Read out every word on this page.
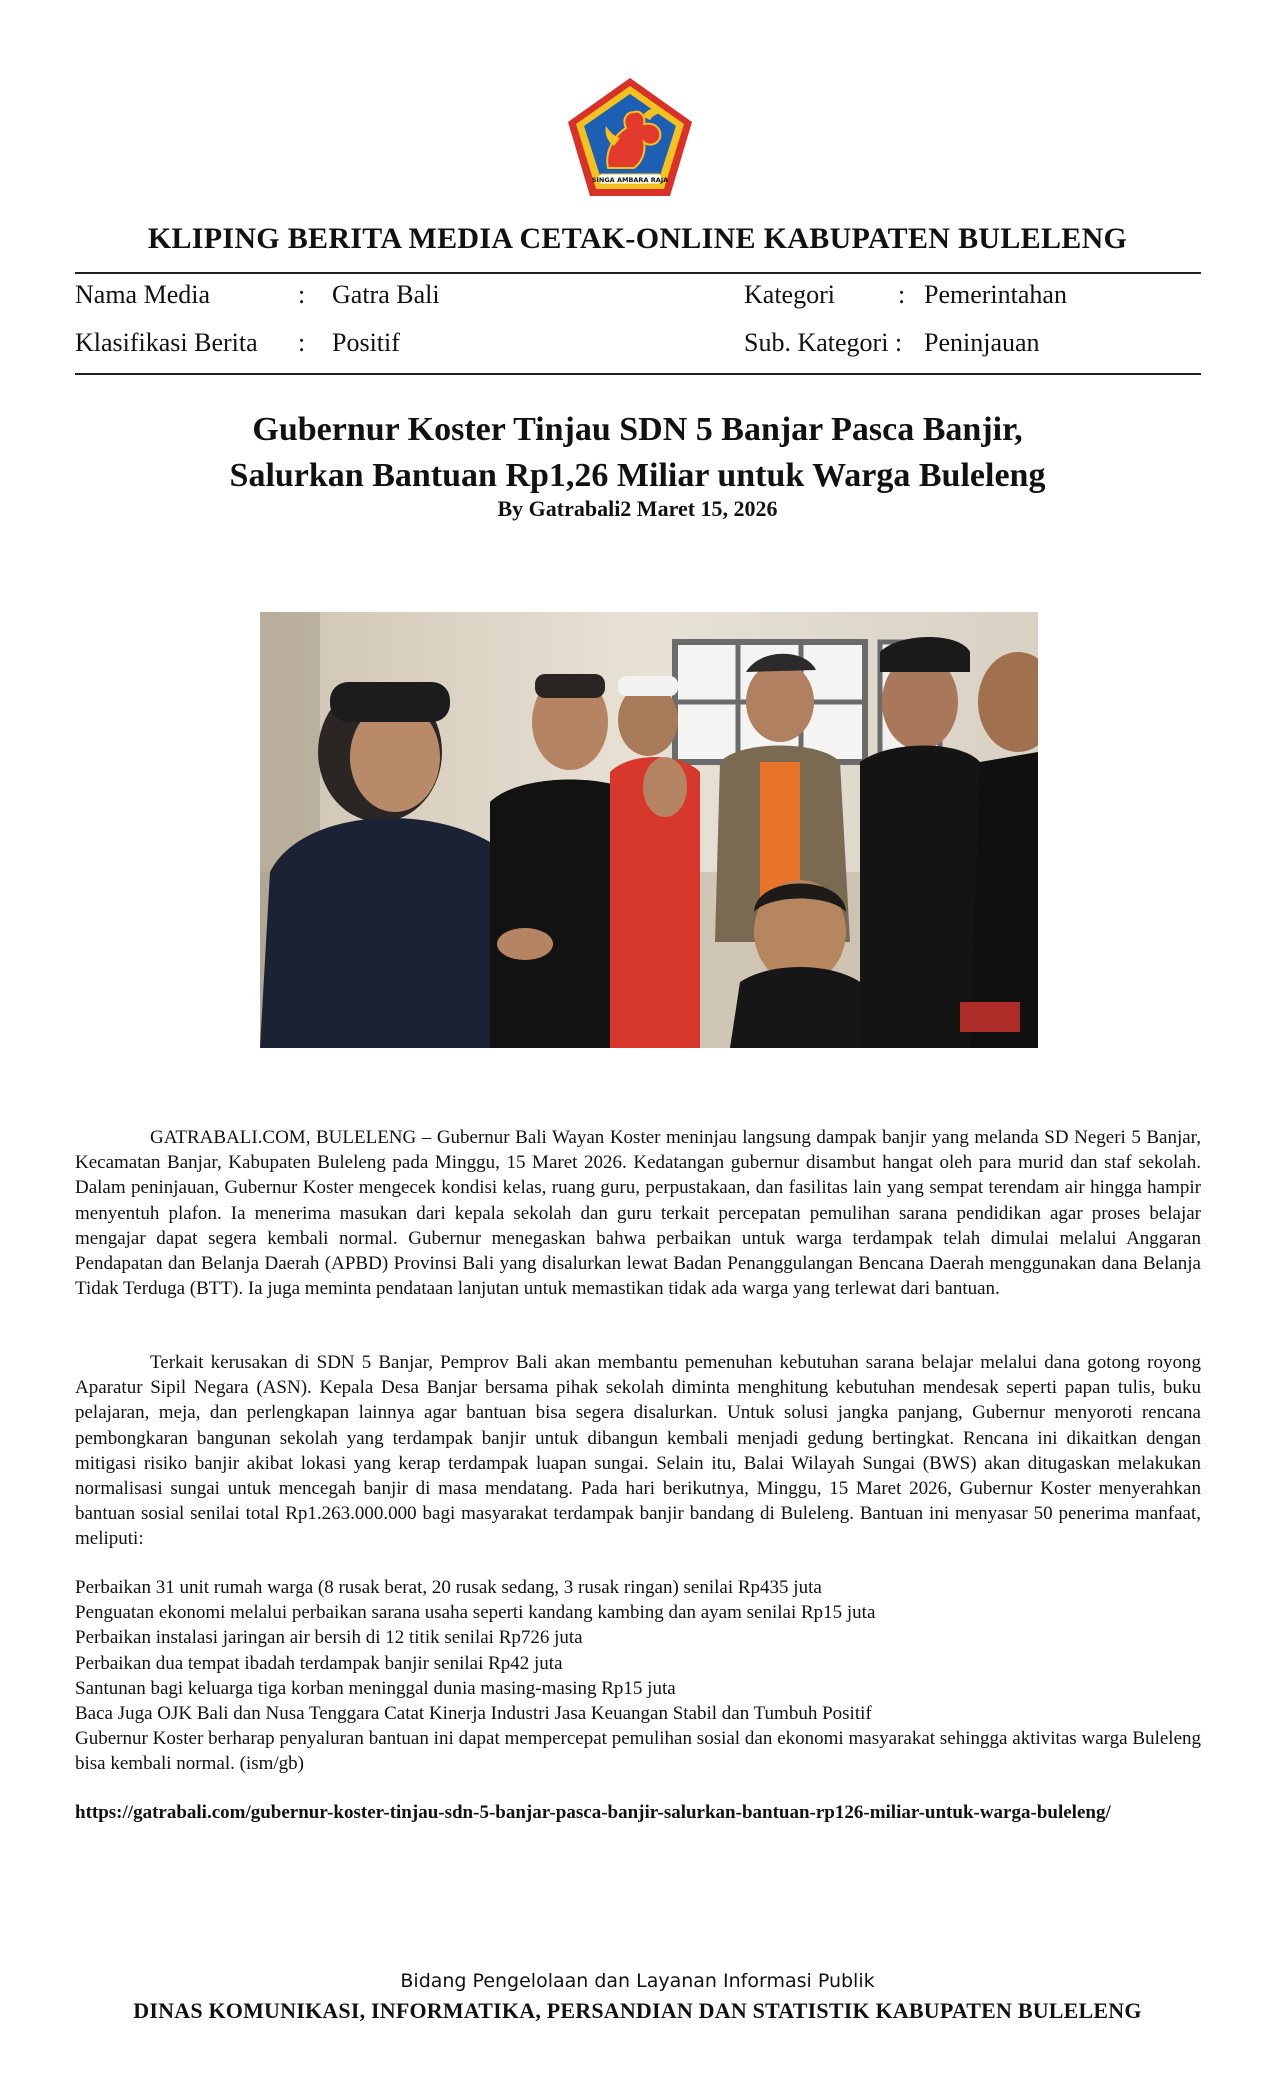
SINGA AMBARA RAJA
KLIPING BERITA MEDIA CETAK-ONLINE KABUPATEN BULELENG
Nama Media	: Gatra Bali
Klasifikasi Berita : Positif
Kategori : Pemerintahan
Sub. Kategori : Peninjauan
Gubernur Koster Tinjau SDN 5 Banjar Pasca Banjir,
Salurkan Bantuan Rp1,26 Miliar untuk Warga Buleleng
By Gatrabali2 Maret 15, 2026

GATRABALI.COM, BULELENG – Gubernur Bali Wayan Koster meninjau langsung dampak banjir yang melanda SD Negeri 5 Banjar, Kecamatan Banjar, Kabupaten Buleleng pada Minggu, 15 Maret 2026. Kedatangan gubernur disambut hangat oleh para murid dan staf sekolah. Dalam peninjauan, Gubernur Koster mengecek kondisi kelas, ruang guru, perpustakaan, dan fasilitas lain yang sempat terendam air hingga hampir menyentuh plafon. Ia menerima masukan dari kepala sekolah dan guru terkait percepatan pemulihan sarana pendidikan agar proses belajar mengajar dapat segera kembali normal. Gubernur menegaskan bahwa perbaikan untuk warga terdampak telah dimulai melalui Anggaran Pendapatan dan Belanja Daerah (APBD) Provinsi Bali yang disalurkan lewat Badan Penanggulangan Bencana Daerah menggunakan dana Belanja Tidak Terduga (BTT). Ia juga meminta pendataan lanjutan untuk memastikan tidak ada warga yang terlewat dari bantuan.

Terkait kerusakan di SDN 5 Banjar, Pemprov Bali akan membantu pemenuhan kebutuhan sarana belajar melalui dana gotong royong Aparatur Sipil Negara (ASN). Kepala Desa Banjar bersama pihak sekolah diminta menghitung kebutuhan mendesak seperti papan tulis, buku pelajaran, meja, dan perlengkapan lainnya agar bantuan bisa segera disalurkan. Untuk solusi jangka panjang, Gubernur menyoroti rencana pembongkaran bangunan sekolah yang terdampak banjir untuk dibangun kembali menjadi gedung bertingkat. Rencana ini dikaitkan dengan mitigasi risiko banjir akibat lokasi yang kerap terdampak luapan sungai. Selain itu, Balai Wilayah Sungai (BWS) akan ditugaskan melakukan normalisasi sungai untuk mencegah banjir di masa mendatang. Pada hari berikutnya, Minggu, 15 Maret 2026, Gubernur Koster menyerahkan bantuan sosial senilai total Rp1.263.000.000 bagi masyarakat terdampak banjir bandang di Buleleng. Bantuan ini menyasar 50 penerima manfaat, meliputi:

Perbaikan 31 unit rumah warga (8 rusak berat, 20 rusak sedang, 3 rusak ringan) senilai Rp435 juta
Penguatan ekonomi melalui perbaikan sarana usaha seperti kandang kambing dan ayam senilai Rp15 juta
Perbaikan instalasi jaringan air bersih di 12 titik senilai Rp726 juta
Perbaikan dua tempat ibadah terdampak banjir senilai Rp42 juta
Santunan bagi keluarga tiga korban meninggal dunia masing-masing Rp15 juta
Baca Juga OJK Bali dan Nusa Tenggara Catat Kinerja Industri Jasa Keuangan Stabil dan Tumbuh Positif
Gubernur Koster berharap penyaluran bantuan ini dapat mempercepat pemulihan sosial dan ekonomi masyarakat sehingga aktivitas warga Buleleng bisa kembali normal. (ism/gb)
https://gatrabali.com/gubernur-koster-tinjau-sdn-5-banjar-pasca-banjir-salurkan-bantuan-rp126-miliar-untuk-warga-buleleng/
Bidang Pengelolaan dan Layanan Informasi Publik
DINAS KOMUNIKASI, INFORMATIKA, PERSANDIAN DAN STATISTIK KABUPATEN BULELENG
